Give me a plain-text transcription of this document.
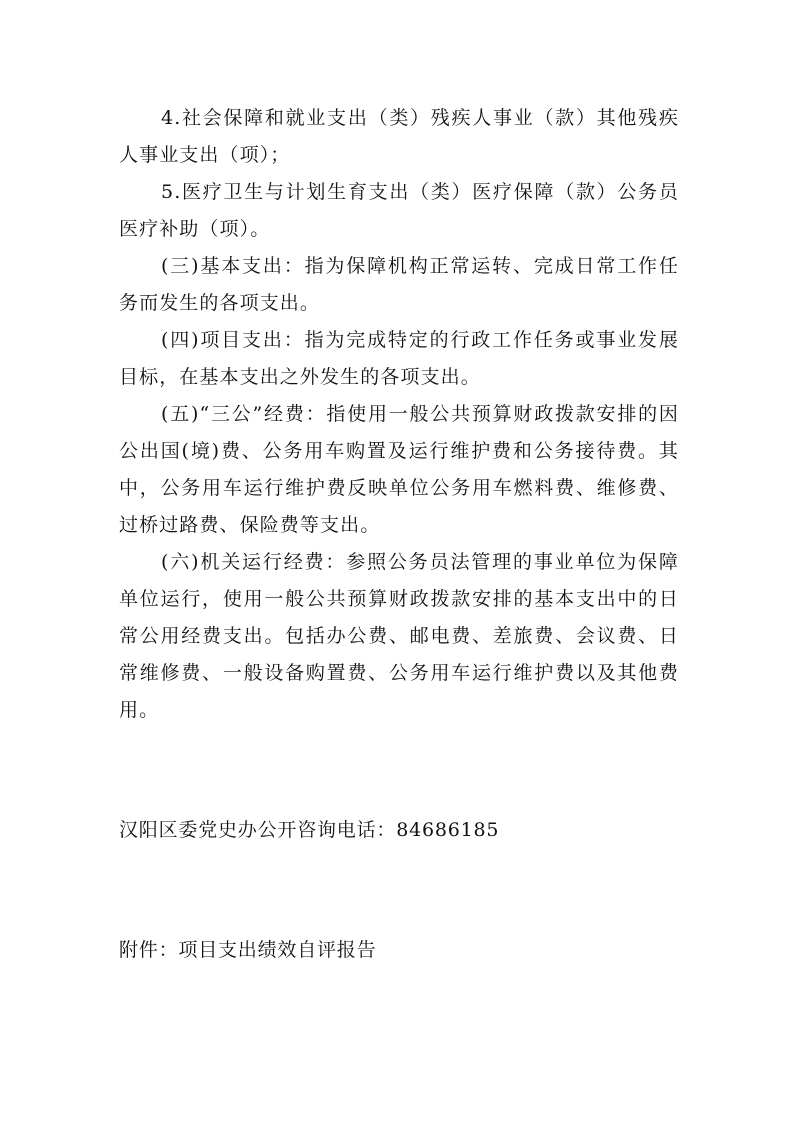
4.社会保障和就业支出（类）残疾人事业（款）其他残疾人事业支出（项）；

5.医疗卫生与计划生育支出（类）医疗保障（款）公务员医疗补助（项）。

(三)基本支出：指为保障机构正常运转、完成日常工作任务而发生的各项支出。

(四)项目支出：指为完成特定的行政工作任务或事业发展目标，在基本支出之外发生的各项支出。

(五)“三公”经费：指使用一般公共预算财政拨款安排的因公出国(境)费、公务用车购置及运行维护费和公务接待费。其中，公务用车运行维护费反映单位公务用车燃料费、维修费、过桥过路费、保险费等支出。

(六)机关运行经费：参照公务员法管理的事业单位为保障单位运行，使用一般公共预算财政拨款安排的基本支出中的日常公用经费支出。包括办公费、邮电费、差旅费、会议费、日常维修费、一般设备购置费、公务用车运行维护费以及其他费用。

汉阳区委党史办公开咨询电话：84686185

附件：项目支出绩效自评报告
